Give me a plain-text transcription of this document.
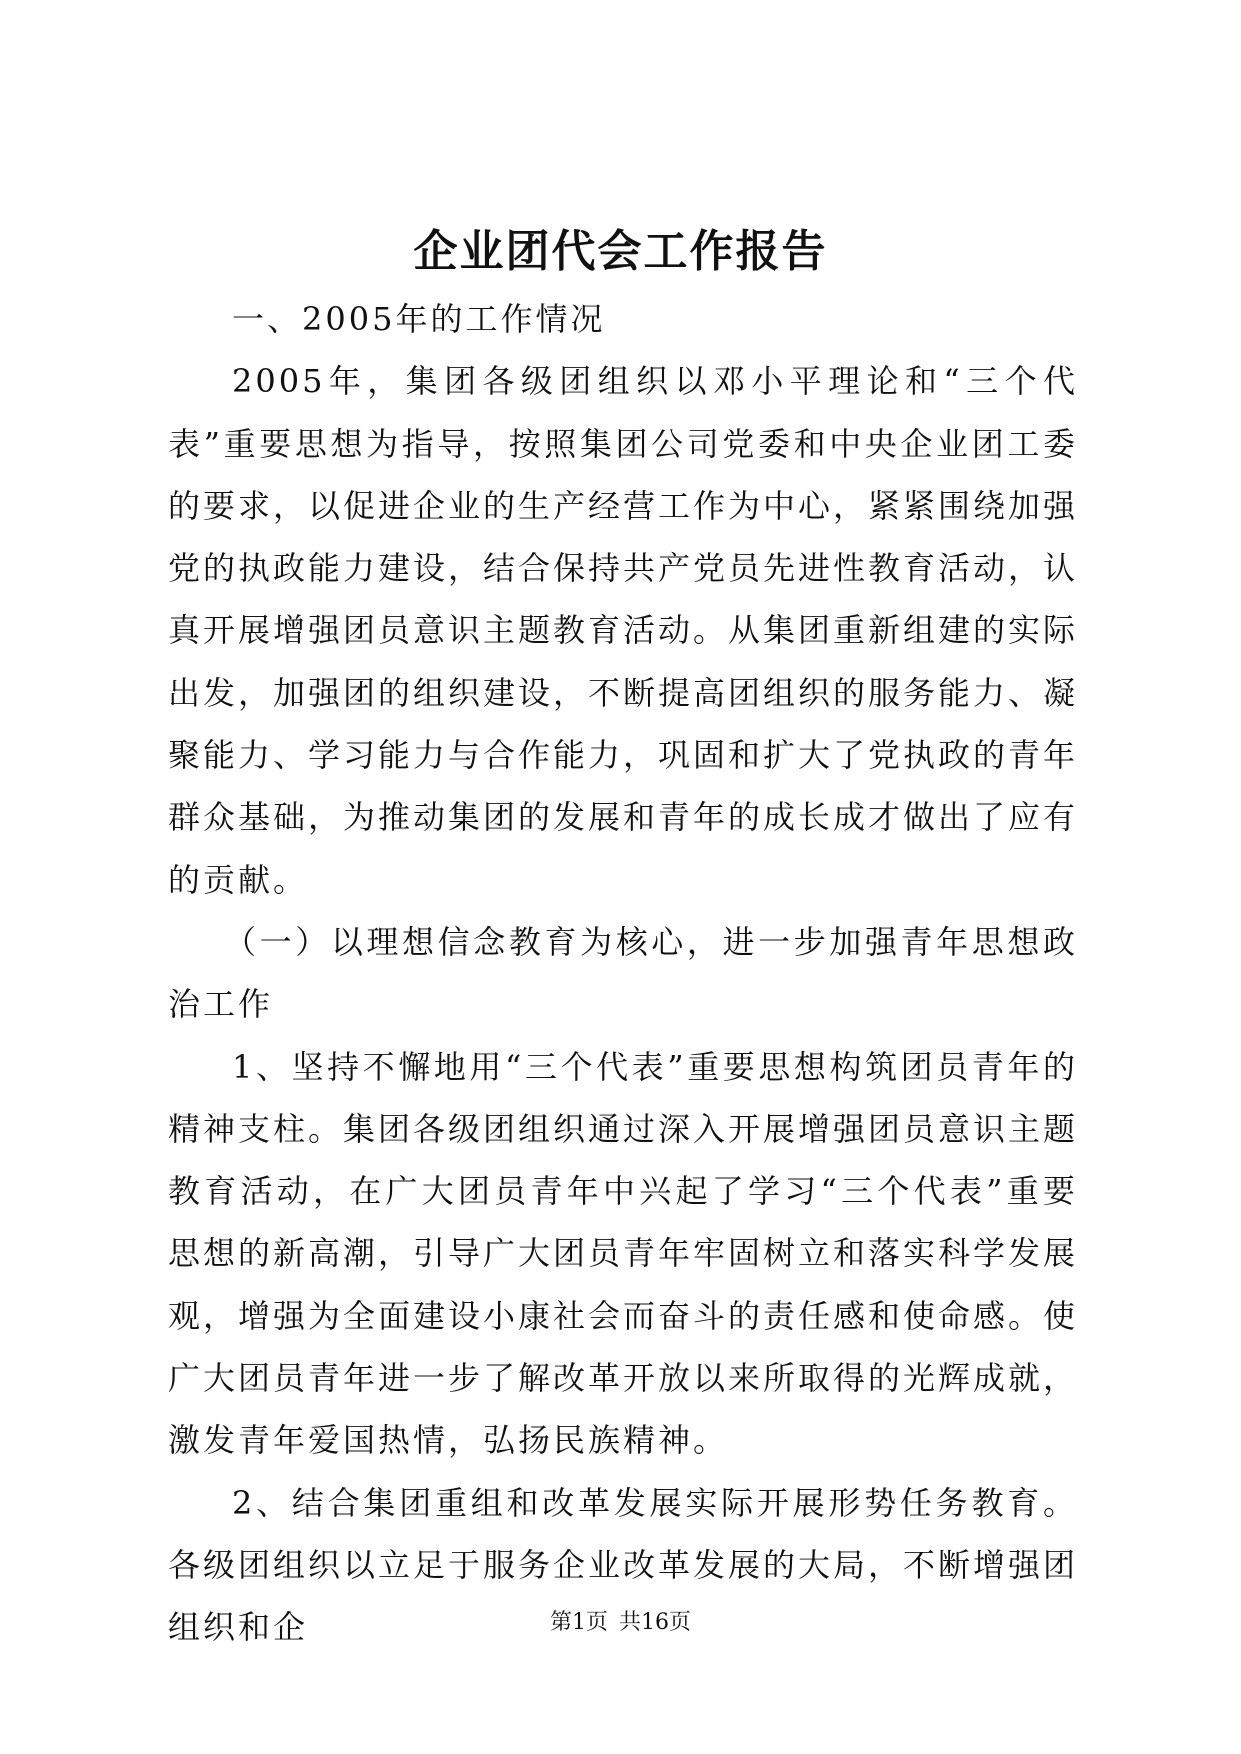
企业团代会工作报告

一、2005年的工作情况

2005年，集团各级团组织以邓小平理论和“三个代表”重要思想为指导，按照集团公司党委和中央企业团工委的要求，以促进企业的生产经营工作为中心，紧紧围绕加强党的执政能力建设，结合保持共产党员先进性教育活动，认真开展增强团员意识主题教育活动。从集团重新组建的实际出发，加强团的组织建设，不断提高团组织的服务能力、凝聚能力、学习能力与合作能力，巩固和扩大了党执政的青年群众基础，为推动集团的发展和青年的成长成才做出了应有的贡献。

（一）以理想信念教育为核心，进一步加强青年思想政治工作

1、坚持不懈地用“三个代表”重要思想构筑团员青年的精神支柱。集团各级团组织通过深入开展增强团员意识主题教育活动，在广大团员青年中兴起了学习“三个代表”重要思想的新高潮，引导广大团员青年牢固树立和落实科学发展观，增强为全面建设小康社会而奋斗的责任感和使命感。使广大团员青年进一步了解改革开放以来所取得的光辉成就，激发青年爱国热情，弘扬民族精神。

2、结合集团重组和改革发展实际开展形势任务教育。各级团组织以立足于服务企业改革发展的大局，不断增强团组织和企	第1页 共16页
